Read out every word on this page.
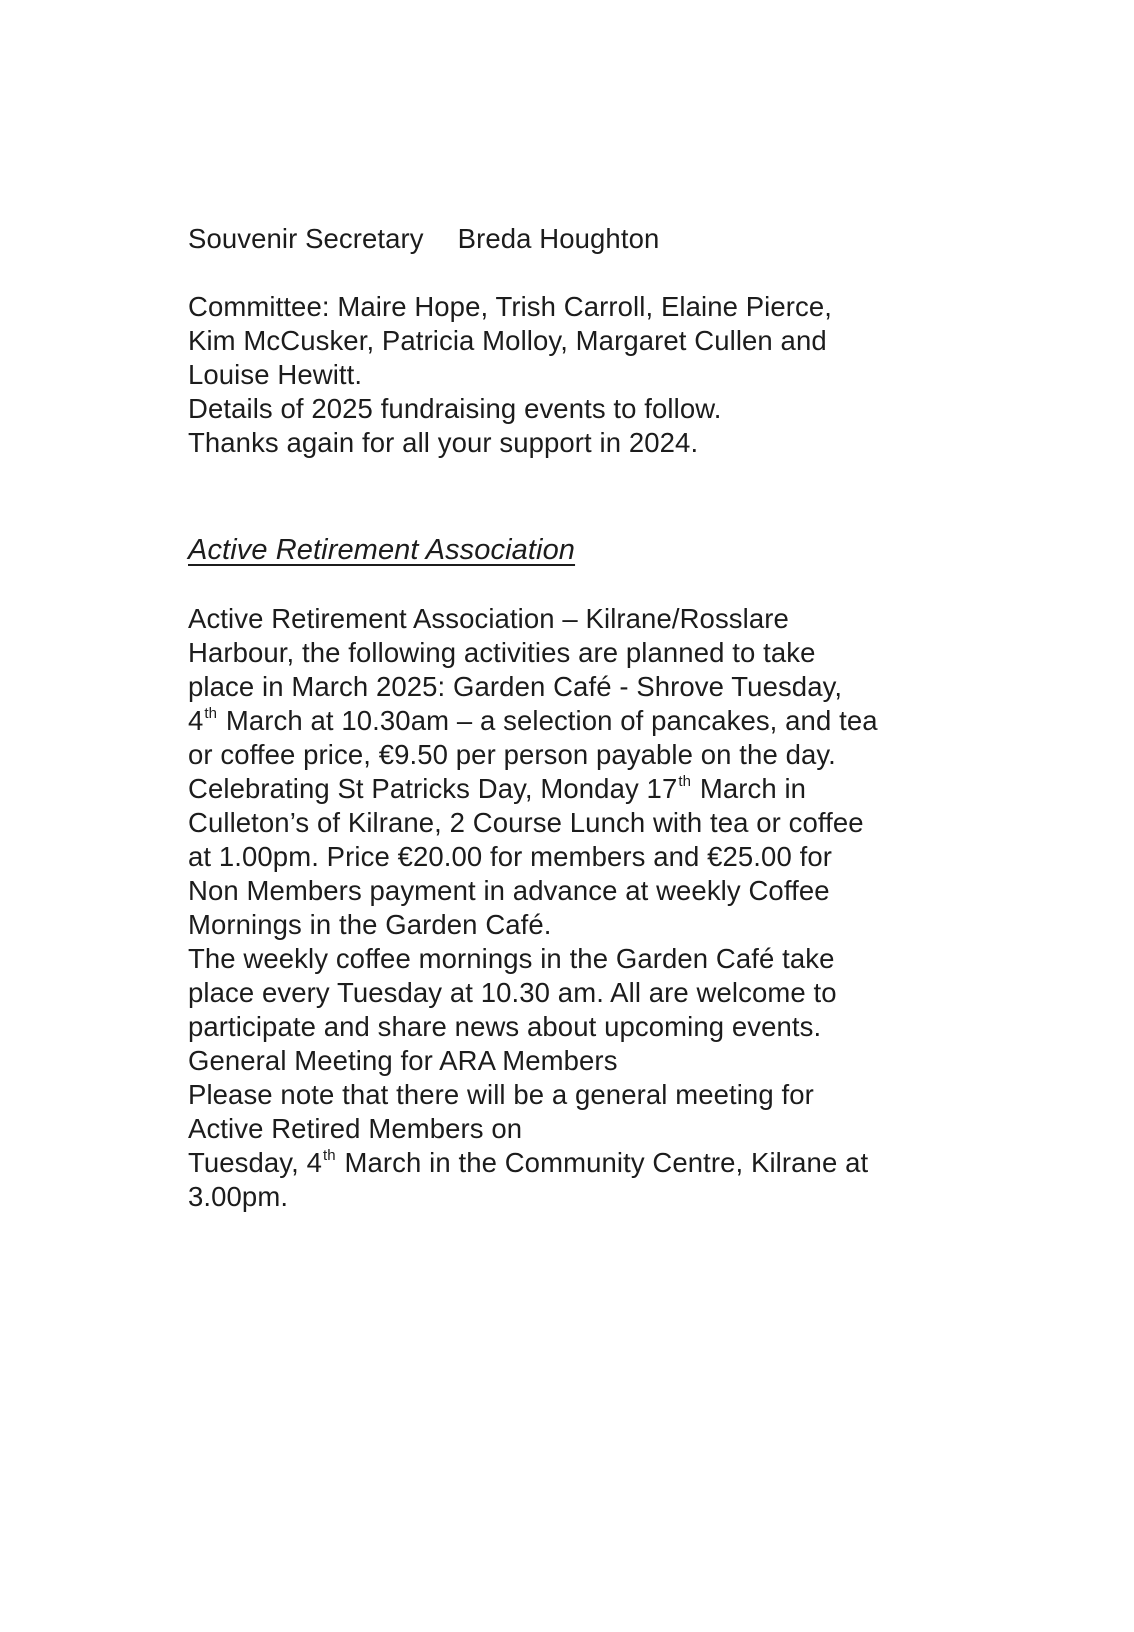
Souvenir Secretary Breda Houghton
Committee: Maire Hope, Trish Carroll, Elaine Pierce,
Kim McCusker, Patricia Molloy, Margaret Cullen and
Louise Hewitt.
Details of 2025 fundraising events to follow.
Thanks again for all your support in 2024.
Active Retirement Association
Active Retirement Association – Kilrane/Rosslare
Harbour, the following activities are planned to take
place in March 2025: Garden Café - Shrove Tuesday,
4th March at 10.30am – a selection of pancakes, and tea
or coffee price, €9.50 per person payable on the day.
Celebrating St Patricks Day, Monday 17th March in
Culleton’s of Kilrane, 2 Course Lunch with tea or coffee
at 1.00pm. Price €20.00 for members and €25.00 for
Non Members payment in advance at weekly Coffee
Mornings in the Garden Café.
The weekly coffee mornings in the Garden Café take
place every Tuesday at 10.30 am. All are welcome to
participate and share news about upcoming events.
General Meeting for ARA Members
Please note that there will be a general meeting for
Active Retired Members on
Tuesday, 4th March in the Community Centre, Kilrane at
3.00pm.
